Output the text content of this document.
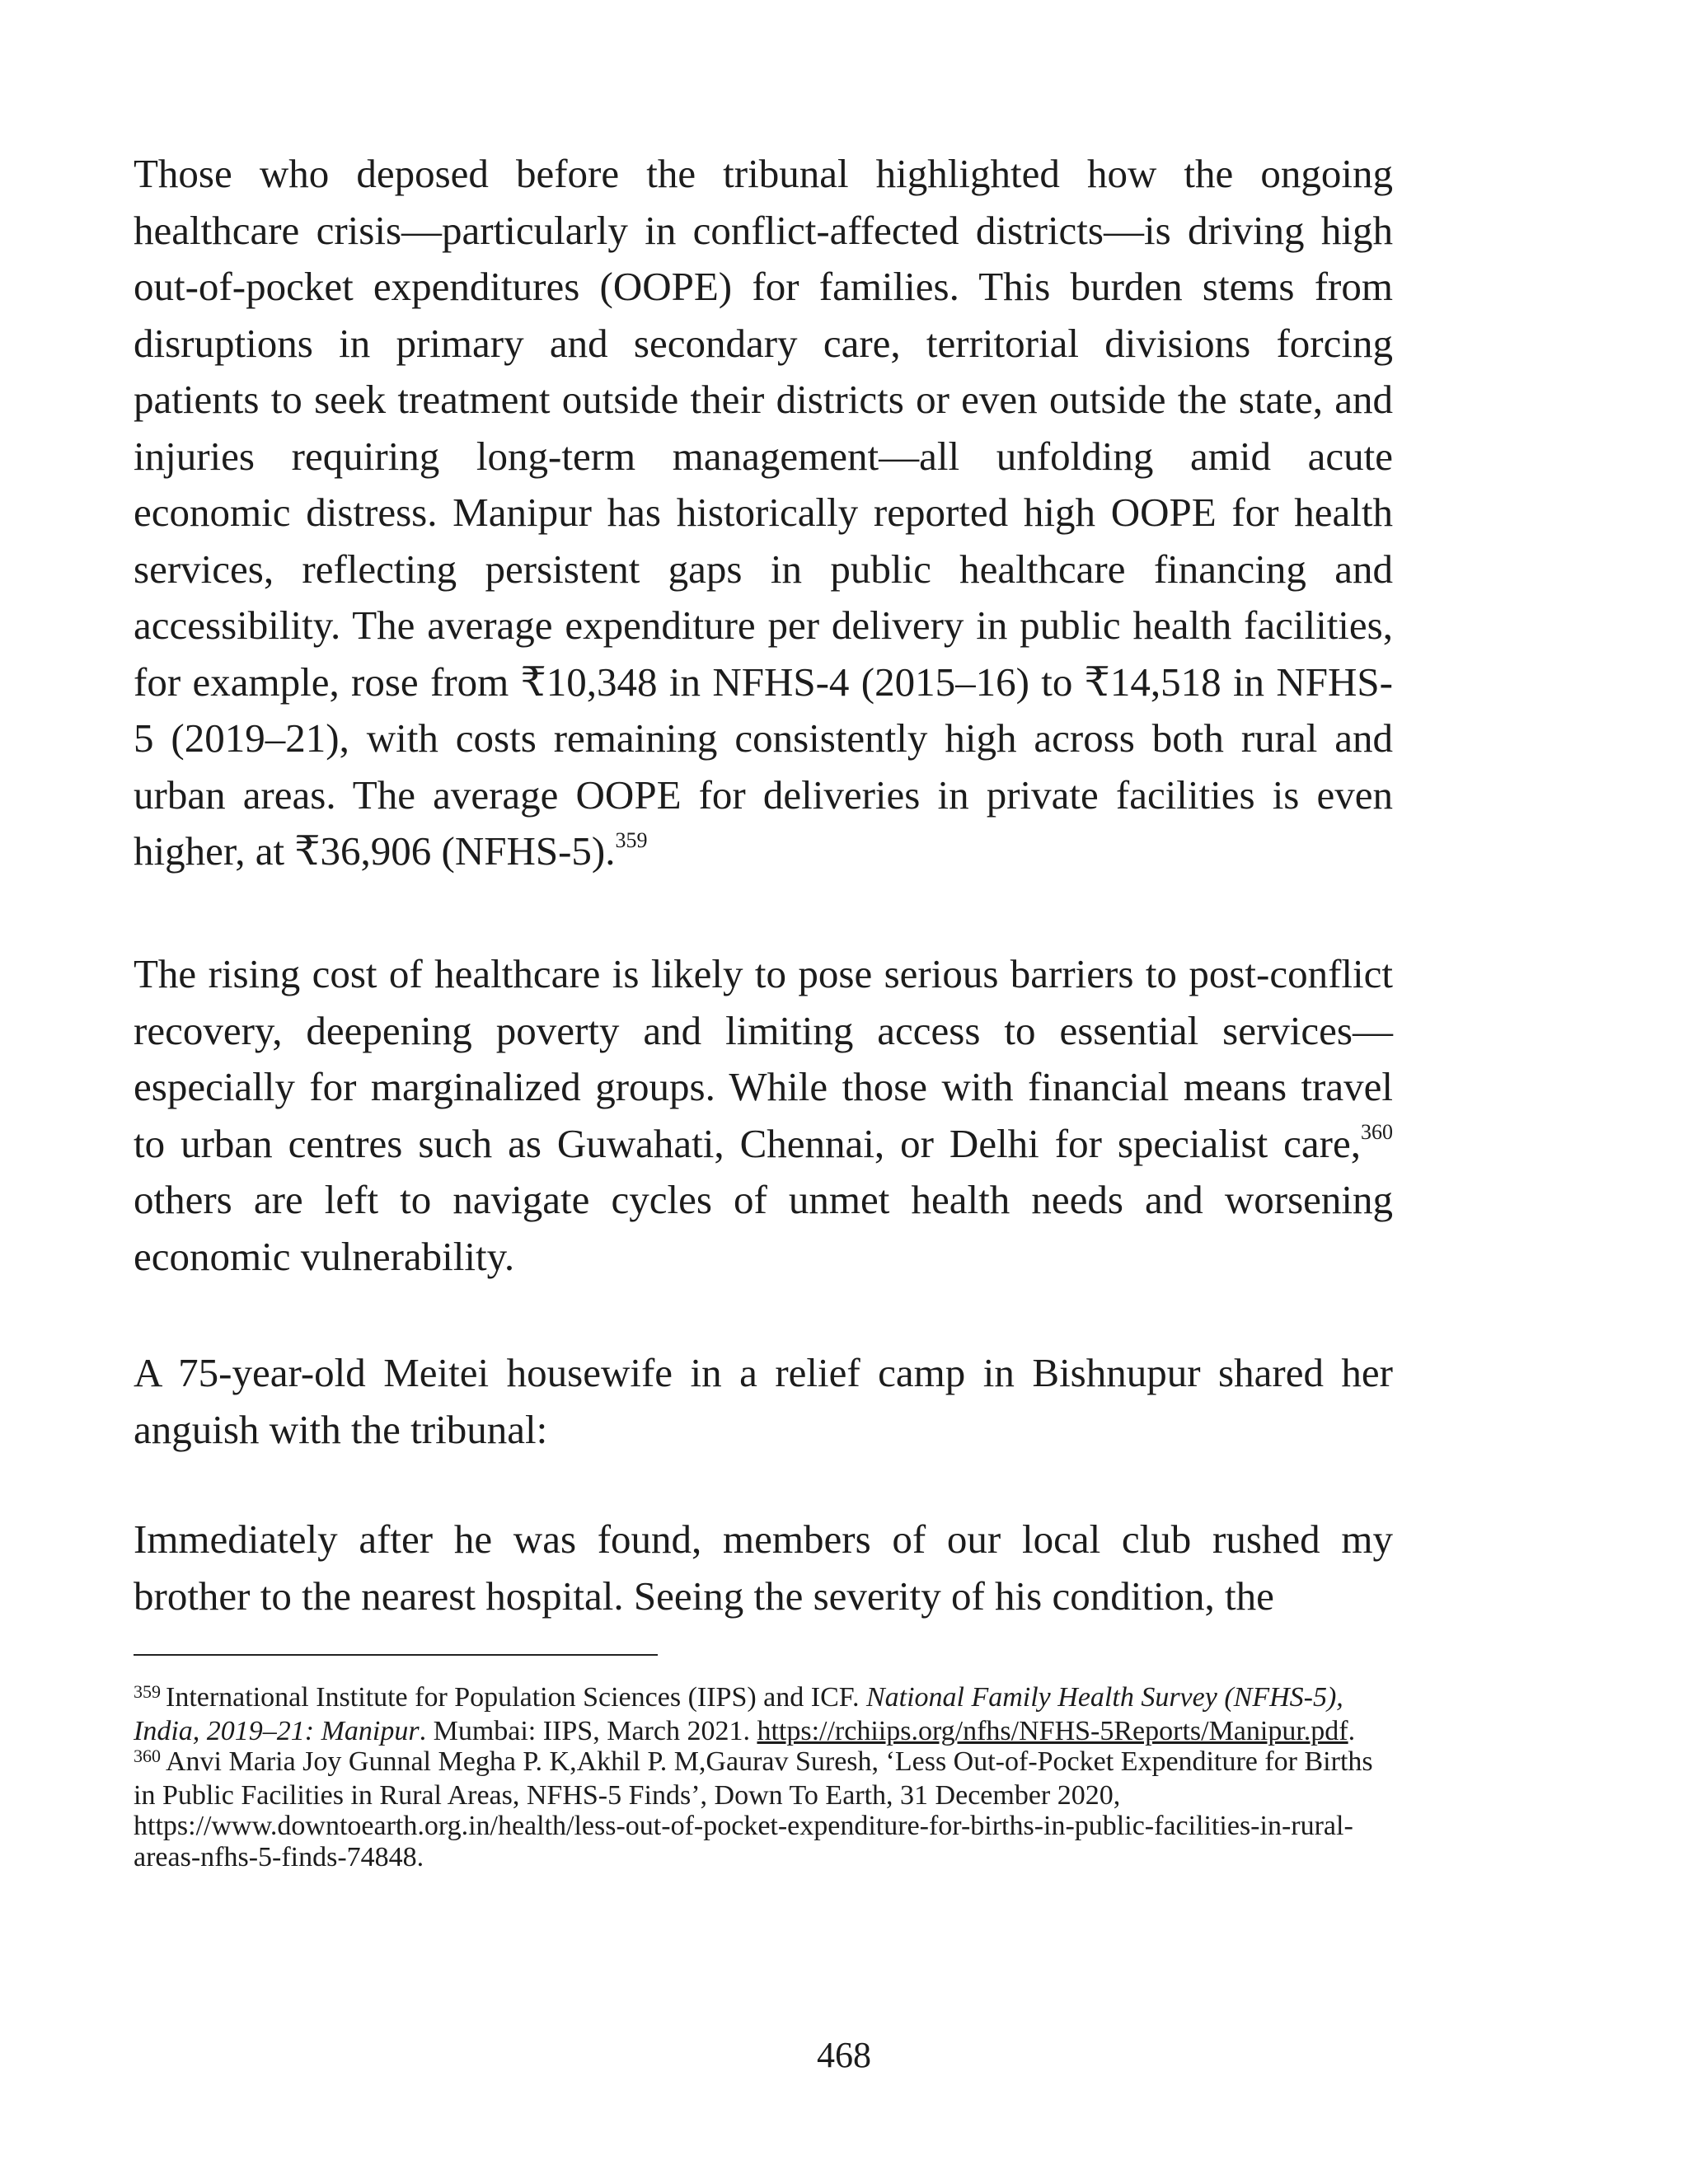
Those who deposed before the tribunal highlighted how the ongoing healthcare crisis—particularly in conflict-affected districts—is driving high out-of-pocket expenditures (OOPE) for families. This burden stems from disruptions in primary and secondary care, territorial divisions forcing patients to seek treatment outside their districts or even outside the state, and injuries requiring long-term management—all unfolding amid acute economic distress. Manipur has historically reported high OOPE for health services, reflecting persistent gaps in public healthcare financing and accessibility. The average expenditure per delivery in public health facilities, for example, rose from ₹10,348 in NFHS-4 (2015–16) to ₹14,518 in NFHS-5 (2019–21), with costs remaining consistently high across both rural and urban areas. The average OOPE for deliveries in private facilities is even higher, at ₹36,906 (NFHS-5).$^{359}$

The rising cost of healthcare is likely to pose serious barriers to post-conflict recovery, deepening poverty and limiting access to essential services—especially for marginalized groups. While those with financial means travel to urban centres such as Guwahati, Chennai, or Delhi for specialist care,$^{360}$ others are left to navigate cycles of unmet health needs and worsening economic vulnerability.

A 75-year-old Meitei housewife in a relief camp in Bishnupur shared her anguish with the tribunal:

Immediately after he was found, members of our local club rushed my brother to the nearest hospital. Seeing the severity of his condition, the

$^{359}$ International Institute for Population Sciences (IIPS) and ICF. National Family Health Survey (NFHS-5), India, 2019–21: Manipur. Mumbai: IIPS, March 2021. https://rchiips.org/nfhs/NFHS-5Reports/Manipur.pdf.

$^{360}$ Anvi Maria Joy Gunnal Megha P. K,Akhil P. M,Gaurav Suresh, ‘Less Out-of-Pocket Expenditure for Births in Public Facilities in Rural Areas, NFHS-5 Finds’, Down To Earth, 31 December 2020, https://www.downtoearth.org.in/health/less-out-of-pocket-expenditure-for-births-in-public-facilities-in-rural-areas-nfhs-5-finds-74848.

468
